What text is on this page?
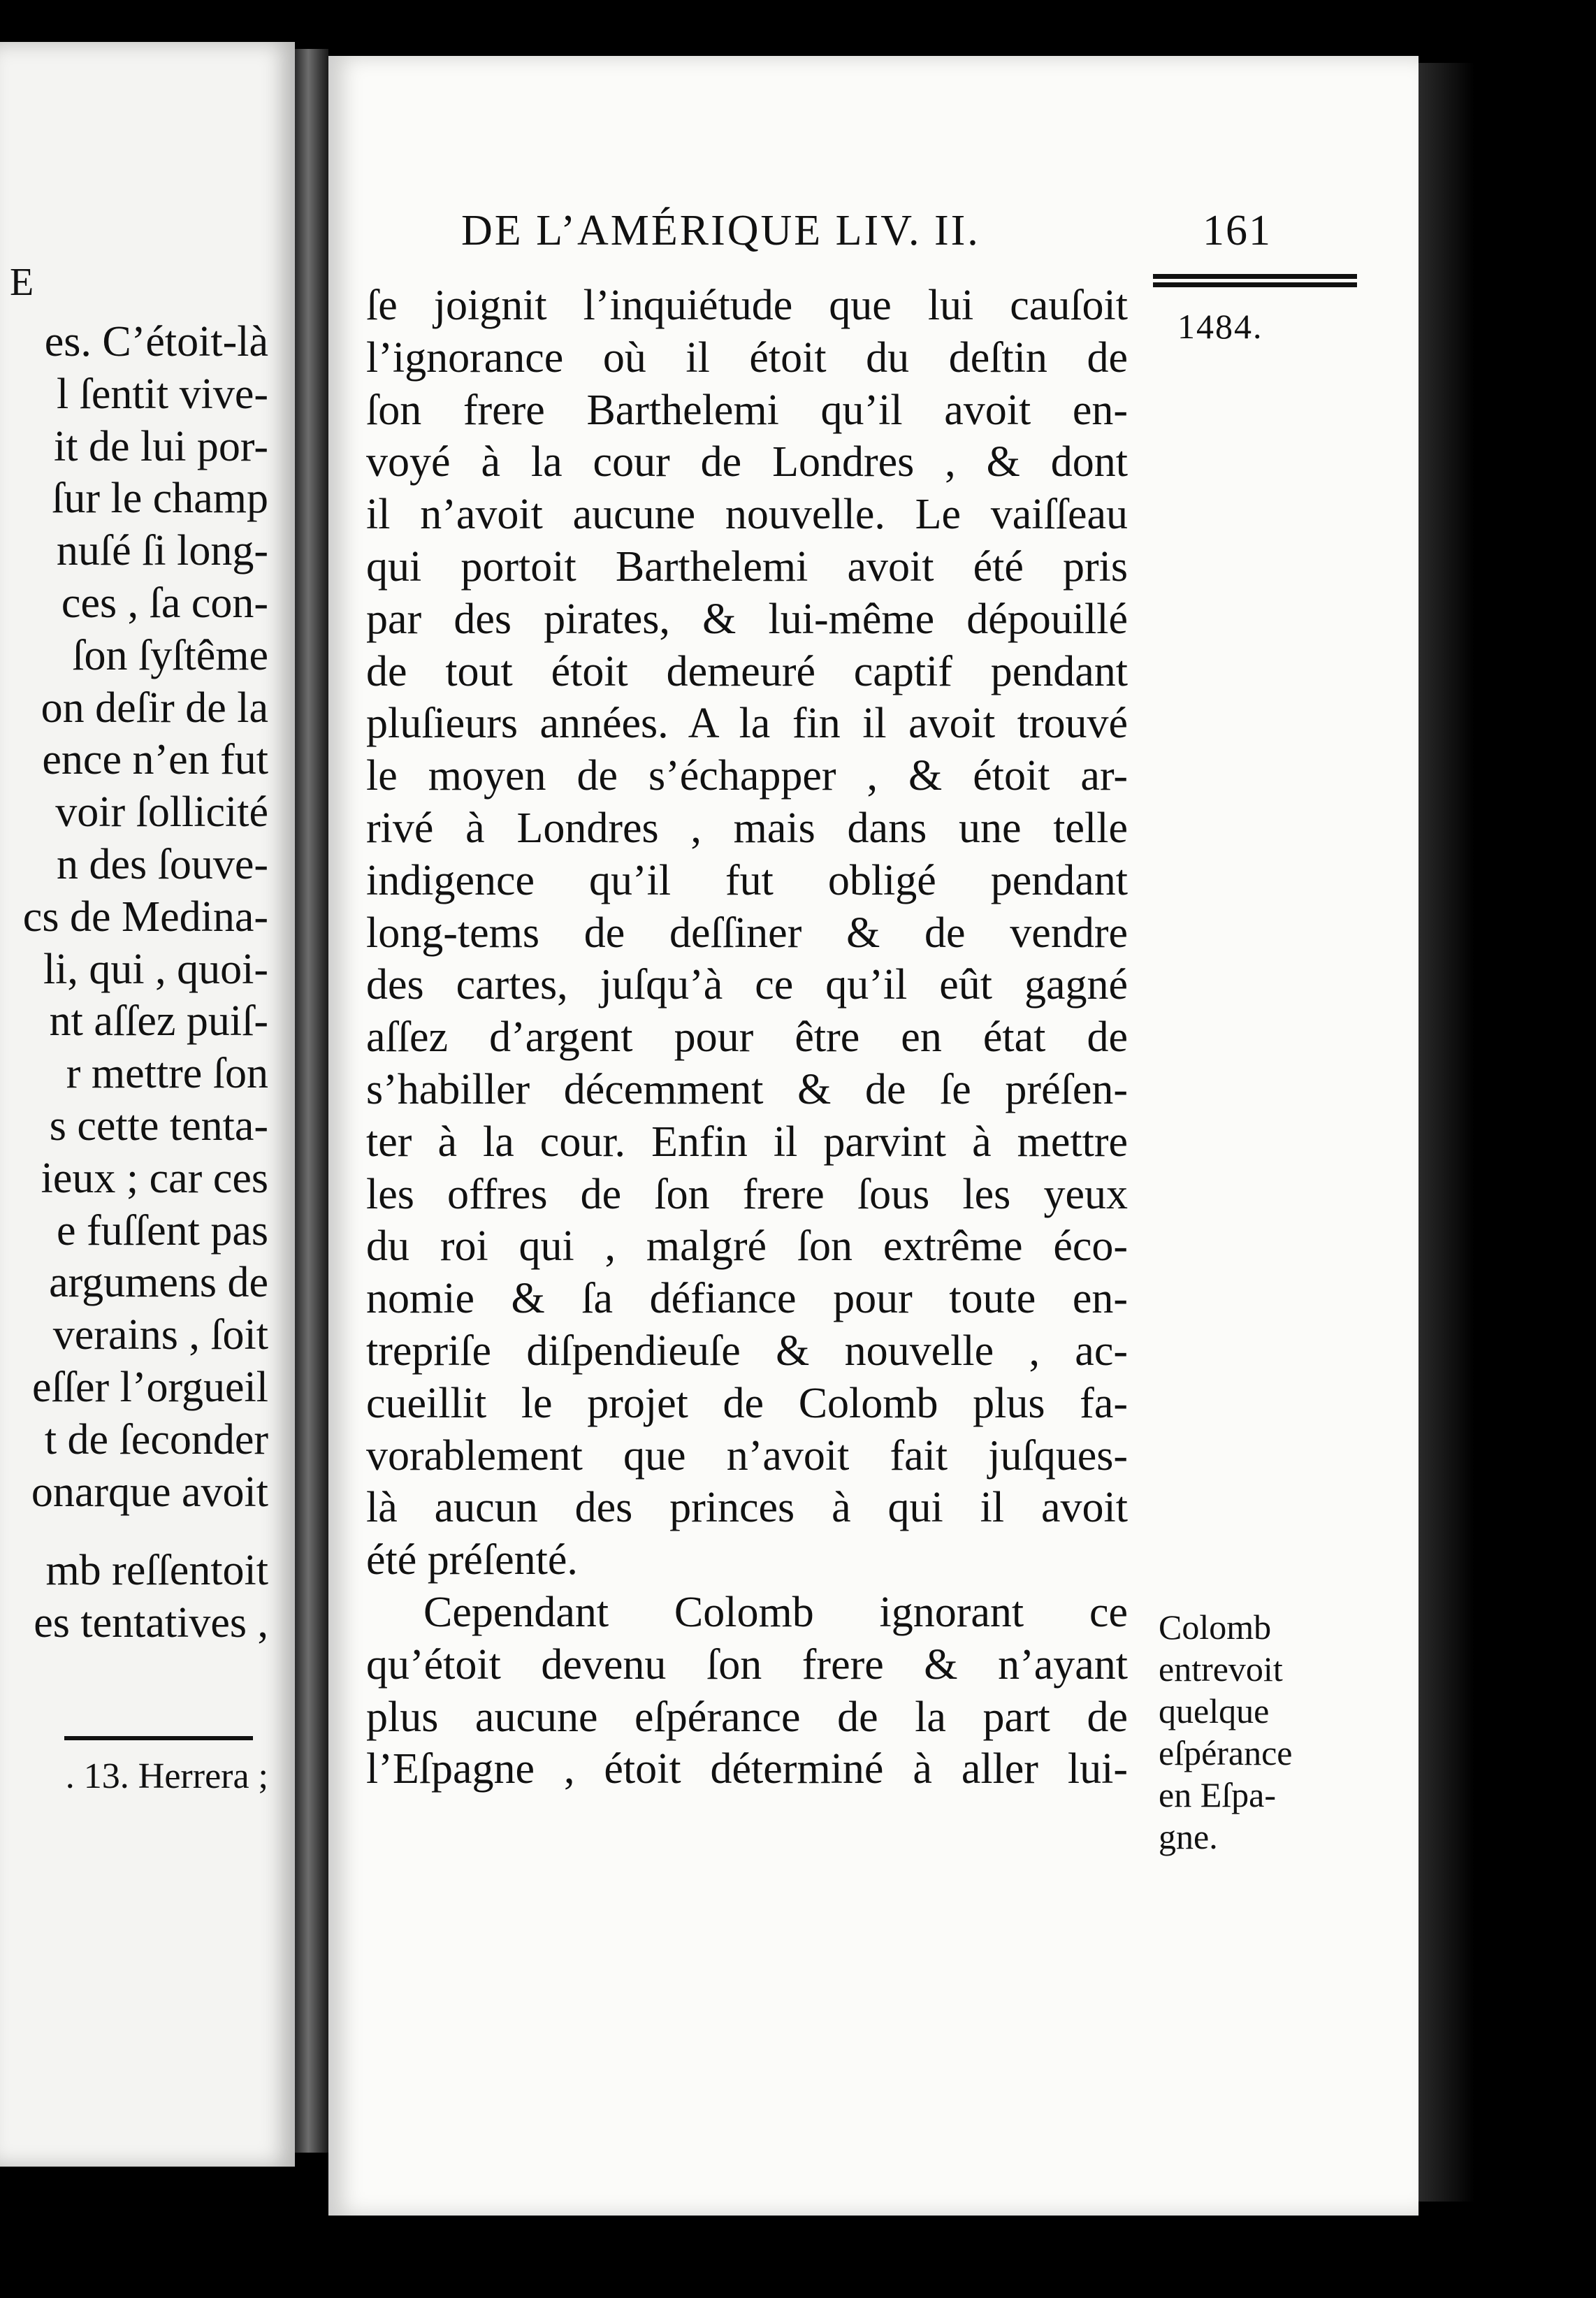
E
es. C’étoit-là
l ſentit vive-
it de lui por-
ſur le champ
nuſé ſi long-
ces , ſa con-
ſon ſyſtême
on deſir de la
ence n’en fut
voir ſollicité
n des ſouve-
cs de Medina-
li, qui , quoi-
nt aſſez puiſ-
r mettre ſon
s cette tenta-
ieux ; car ces
e fuſſent pas
argumens de
verains , ſoit
eſſer l’orgueil
t de ſeconder
onarque avoit
mb reſſentoit
es tentatives ,
. 13. Herrera ;
DE L’AMÉRIQUE LIV. II.	161
1484.
ſe joignit l’inquiétude que lui cauſoit
l’ignorance où il étoit du deſtin de
ſon frere Barthelemi qu’il avoit en-
voyé à la cour de Londres , & dont
il n’avoit aucune nouvelle. Le vaiſſeau
qui portoit Barthelemi avoit été pris
par des pirates, & lui-même dépouillé
de tout étoit demeuré captif pendant
pluſieurs années. A la fin il avoit trouvé
le moyen de s’échapper , & étoit ar-
rivé à Londres , mais dans une telle
indigence qu’il fut obligé pendant
long-tems de deſſiner & de vendre
des cartes, juſqu’à ce qu’il eût gagné
aſſez d’argent pour être en état de
s’habiller décemment & de ſe préſen-
ter à la cour. Enfin il parvint à mettre
les offres de ſon frere ſous les yeux
du roi qui , malgré ſon extrême éco-
nomie & ſa défiance pour toute en-
trepriſe diſpendieuſe & nouvelle , ac-
cueillit le projet de Colomb plus fa-
vorablement que n’avoit fait juſques-
là aucun des princes à qui il avoit
été préſenté.
Cependant Colomb ignorant ce
qu’étoit devenu ſon frere & n’ayant
plus aucune eſpérance de la part de
l’Eſpagne , étoit déterminé à aller lui-
Colomb
entrevoit
quelque
eſpérance
en Eſpa-
gne.
